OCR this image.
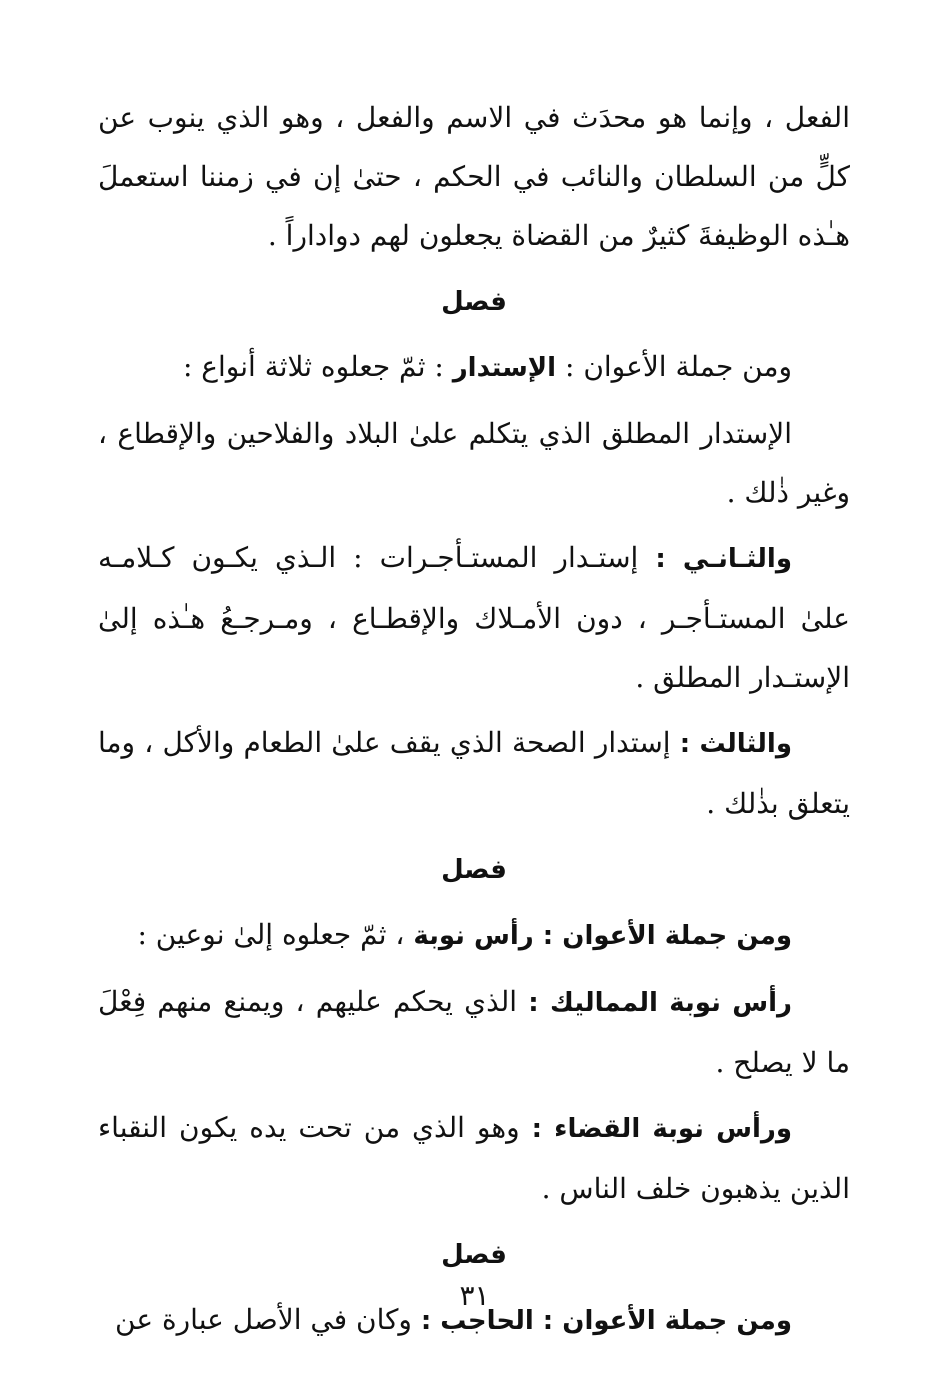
الفعل ، وإنما هو محدَث في الاسم والفعل ، وهو الذي ينوب عن كلٍّ من السلطان والنائب في الحكم ، حتىٰ إن في زمننا استعملَ هـٰذه الوظيفةَ كثيرٌ من القضاة يجعلون لهم دواداراً .

فصل

ومن جملة الأعوان : الإستدار : ثمّ جعلوه ثلاثة أنواع :

الإستدار المطلق الذي يتكلم علىٰ البلاد والفلاحين والإقطاع ، وغير ذٰلك .

والثـانـي : إستـدار المستـأجـرات : الـذي يكـون كـلامـه علىٰ المستـأجـر ، دون الأمـلاك والإقطـاع ، ومـرجـعُ هـٰذه إلىٰ الإستـدار المطلق .

والثالث : إستدار الصحة الذي يقف علىٰ الطعام والأكل ، وما يتعلق بذٰلك .

فصل

ومن جملة الأعوان : رأس نوبة ، ثمّ جعلوه إلىٰ نوعين :

رأس نوبة المماليك : الذي يحكم عليهم ، ويمنع منهم فِعْلَ ما لا يصلح .

ورأس نوبة القضاء : وهو الذي من تحت يده يكون النقباء الذين يذهبون خلف الناس .

فصل

ومن جملة الأعوان : الحاجب : وكان في الأصل عبارة عن

٣١
